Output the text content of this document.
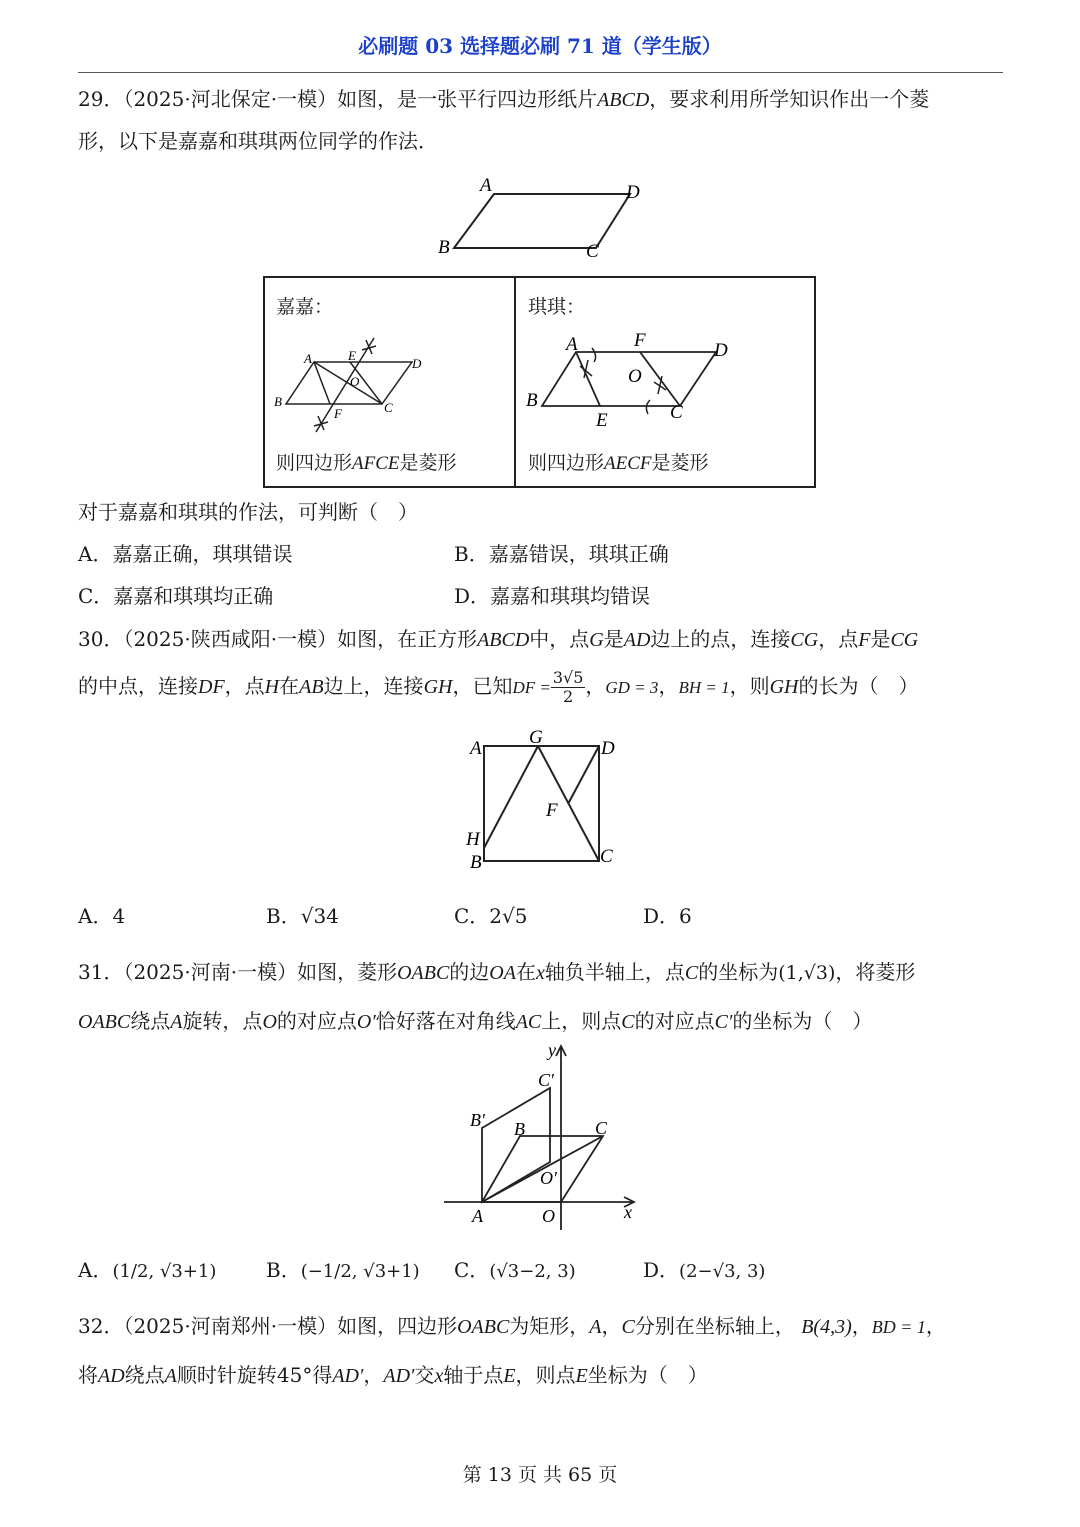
必刷题 03 选择题必刷 71 道（学生版）
29．（2025·河北保定·一模）如图，是一张平行四边形纸片ABCD，要求利用所学知识作出一个菱
形，以下是嘉嘉和琪琪两位同学的作法．
A	D
B	C
嘉嘉：
A	E
D
O
B	C
F
则四边形AFCE是菱形
琪琪：
A	F	D
O
B
E	C
则四边形AECF是菱形
对于嘉嘉和琪琪的作法，可判断（　）
A．嘉嘉正确，琪琪错误	B．嘉嘉错误，琪琪正确
C．嘉嘉和琪琪均正确	D．嘉嘉和琪琪均错误
30．（2025·陕西咸阳·一模）如图，在正方形ABCD中，点G是AD边上的点，连接CG，点F是CG
的中点，连接DF，点H在AB边上，连接GH，已知DF = $\frac{3√5}{2}$ ，GD = 3，BH = 1，则GH的长为（　）
A
G
D
F
H
B	C
A．4	B．√34	C．2√5	D．6
31．（2025·河南·一模）如图，菱形OABC的边OA在x轴负半轴上，点C的坐标为(1,√3)，将菱形
OABC绕点A旋转，点O的对应点O′恰好落在对角线AC上，则点C的对应点C′的坐标为（　）
y
C′
B′ B	C
O′
A	O	x
A．(1/2, √3+1) B．(−1/2, √3+1) C．(√3−2, 3)	D．(2−√3, 3)
32．（2025·河南郑州·一模）如图，四边形OABC为矩形，A，C分别在坐标轴上， B(4,3)，BD = 1，
将AD绕点A顺时针旋转45°得AD′，AD′交x轴于点E，则点E坐标为（　）
第 13 页 共 65 页
